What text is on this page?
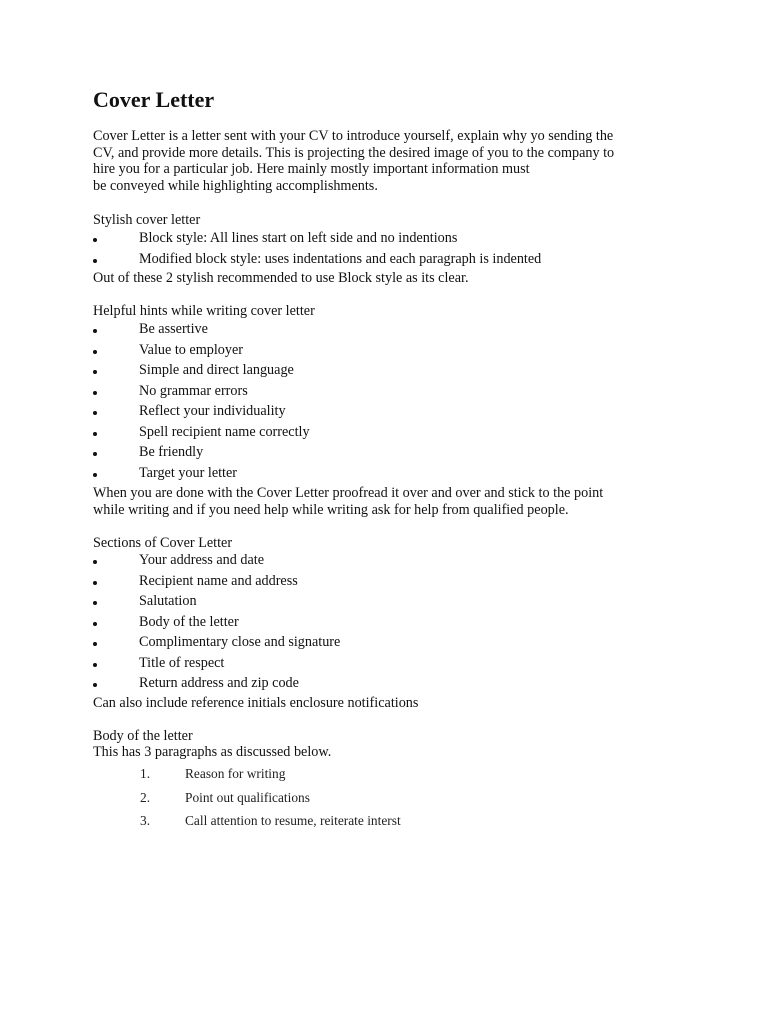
Cover Letter

Cover Letter is a letter sent with your CV to introduce yourself, explain why yo sending the
CV, and provide more details. This is projecting the desired image of you to the company to
hire you for a particular job. Here mainly mostly important information must
be conveyed while highlighting accomplishments.

Stylish cover letter

Block style: All lines start on left side and no indentions
Modified block style: uses indentations and each paragraph is indented

Out of these 2 stylish recommended to use Block style as its clear.

Helpful hints while writing cover letter

Be assertive
Value to employer
Simple and direct language
No grammar errors
Reflect your individuality
Spell recipient name correctly
Be friendly
Target your letter

When you are done with the Cover Letter proofread it over and over and stick to the point
while writing and if you need help while writing ask for help from qualified people.

Sections of Cover Letter

Your address and date
Recipient name and address
Salutation
Body of the letter
Complimentary close and signature
Title of respect
Return address and zip code

Can also include reference initials enclosure notifications

Body of the letter

This has 3 paragraphs as discussed below.

1.	Reason for writing
2.	Point out qualifications
3.	Call attention to resume, reiterate interst
